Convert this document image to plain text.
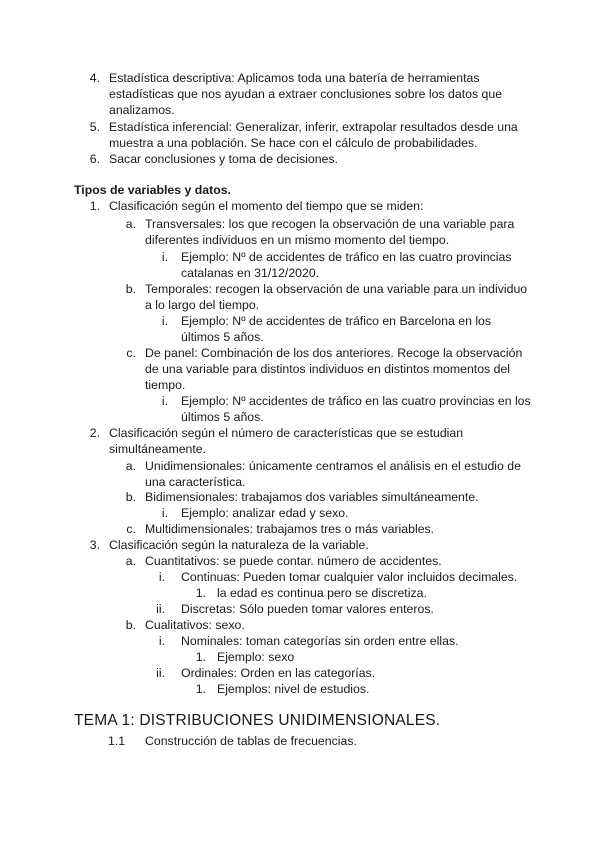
4. Estadística descriptiva: Aplicamos toda una batería de herramientas
estadísticas que nos ayudan a extraer conclusiones sobre los datos que
analizamos.
5. Estadística inferencial: Generalizar, inferir, extrapolar resultados desde una
muestra a una población. Se hace con el cálculo de probabilidades.
6. Sacar conclusiones y toma de decisiones.
Tipos de variables y datos.
1. Clasificación según el momento del tiempo que se miden:
a. Transversales: los que recogen la observación de una variable para
diferentes individuos en un mismo momento del tiempo.
i. Ejemplo: Nº de accidentes de tráfico en las cuatro provincias
catalanas en 31/12/2020.
b. Temporales: recogen la observación de una variable para un individuo
a lo largo del tiempo.
i. Ejemplo: Nº de accidentes de tráfico en Barcelona en los
últimos 5 años.
c. De panel: Combinación de los dos anteriores. Recoge la observación
de una variable para distintos individuos en distintos momentos del
tiempo.
i. Ejemplo: Nº accidentes de tráfico en las cuatro provincias en los
últimos 5 años.
2. Clasificación según el número de características que se estudian
simultáneamente.
a. Unidimensionales: únicamente centramos el análisis en el estudio de
una característica.
b. Bidimensionales: trabajamos dos variables simultáneamente.
i. Ejemplo: analizar edad y sexo.
c. Multidimensionales: trabajamos tres o más variables.
3. Clasificación según la naturaleza de la variable.
a. Cuantitativos: se puede contar. número de accidentes.
i. Continuas: Pueden tomar cualquier valor incluidos decimales.
1. la edad es continua pero se discretiza.
ii. Discretas: Sólo pueden tomar valores enteros.
b. Cualitativos: sexo.
i. Nominales: toman categorías sin orden entre ellas.
1. Ejemplo: sexo
ii. Ordinales: Orden en las categorías.
1. Ejemplos: nivel de estudios.
TEMA 1: DISTRIBUCIONES UNIDIMENSIONALES.
1.1 Construcción de tablas de frecuencias.
